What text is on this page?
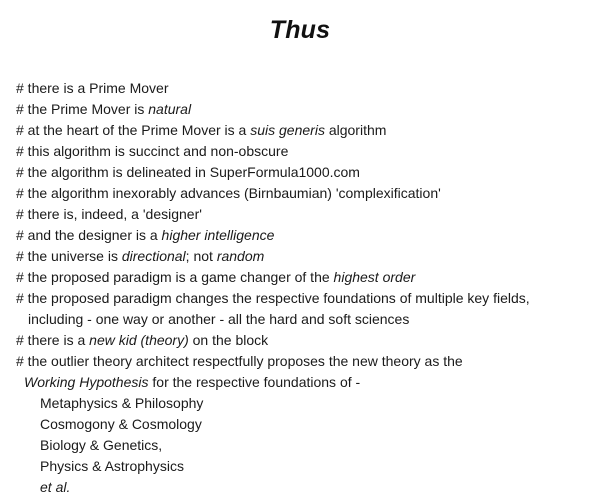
Thus
# there is a Prime Mover
# the Prime Mover is natural
# at the heart of the Prime Mover is a suis generis algorithm
# this algorithm is succinct and non-obscure
# the algorithm is delineated in SuperFormula1000.com
# the algorithm inexorably advances (Birnbaumian) 'complexification'
# there is, indeed, a 'designer'
# and the designer is a higher intelligence
# the universe is directional; not random
# the proposed paradigm is a game changer of the highest order
# the proposed paradigm changes the respective foundations of multiple key fields,
including - one way or another - all the hard and soft sciences
# there is a new kid (theory) on the block
# the outlier theory architect respectfully proposes the new theory as the
Working Hypothesis for the respective foundations of -
Metaphysics & Philosophy
Cosmogony & Cosmology
Biology & Genetics,
Physics & Astrophysics
et al.
